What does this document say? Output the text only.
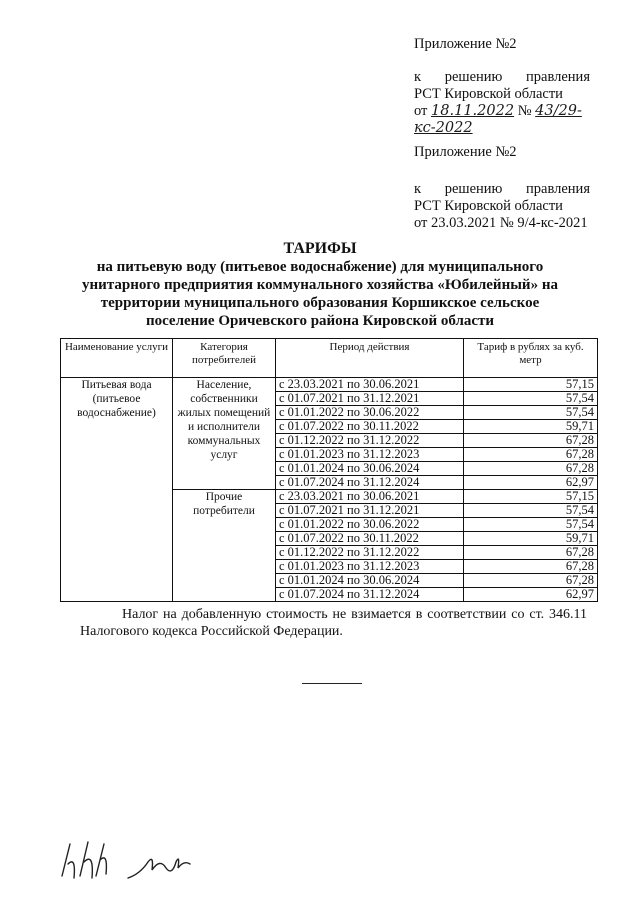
Приложение №2
к решению правления
РСТ Кировской области
от 18.11.2022 № 43/29-кс-2022
Приложение №2
к решению правления
РСТ Кировской области
от 23.03.2021 № 9/4-кс-2021
ТАРИФЫ
на питьевую воду (питьевое водоснабжение) для муниципального
унитарного предприятия коммунального хозяйства «Юбилейный» на
территории муниципального образования Коршикское сельское
поселение Оричевского района Кировской области
Наименование услуги	Категория потребителей	Период действия	Тариф в рублях за куб. метр
Питьевая вода (питьевое водоснабжение)	Население, собственники жилых помещений и исполнители коммунальных услуг	с 23.03.2021 по 30.06.2021	57,15
		с 01.07.2021 по 31.12.2021	57,54
		с 01.01.2022 по 30.06.2022	57,54
		с 01.07.2022 по 30.11.2022	59,71
		с 01.12.2022 по 31.12.2022	67,28
		с 01.01.2023 по 31.12.2023	67,28
		с 01.01.2024 по 30.06.2024	67,28
		с 01.07.2024 по 31.12.2024	62,97
	Прочие потребители	с 23.03.2021 по 30.06.2021	57,15
		с 01.07.2021 по 31.12.2021	57,54
		с 01.01.2022 по 30.06.2022	57,54
		с 01.07.2022 по 30.11.2022	59,71
		с 01.12.2022 по 31.12.2022	67,28
		с 01.01.2023 по 31.12.2023	67,28
		с 01.01.2024 по 30.06.2024	67,28
		с 01.07.2024 по 31.12.2024	62,97
Налог на добавленную стоимость не взимается в соответствии со ст. 346.11
Налогового кодекса Российской Федерации.
